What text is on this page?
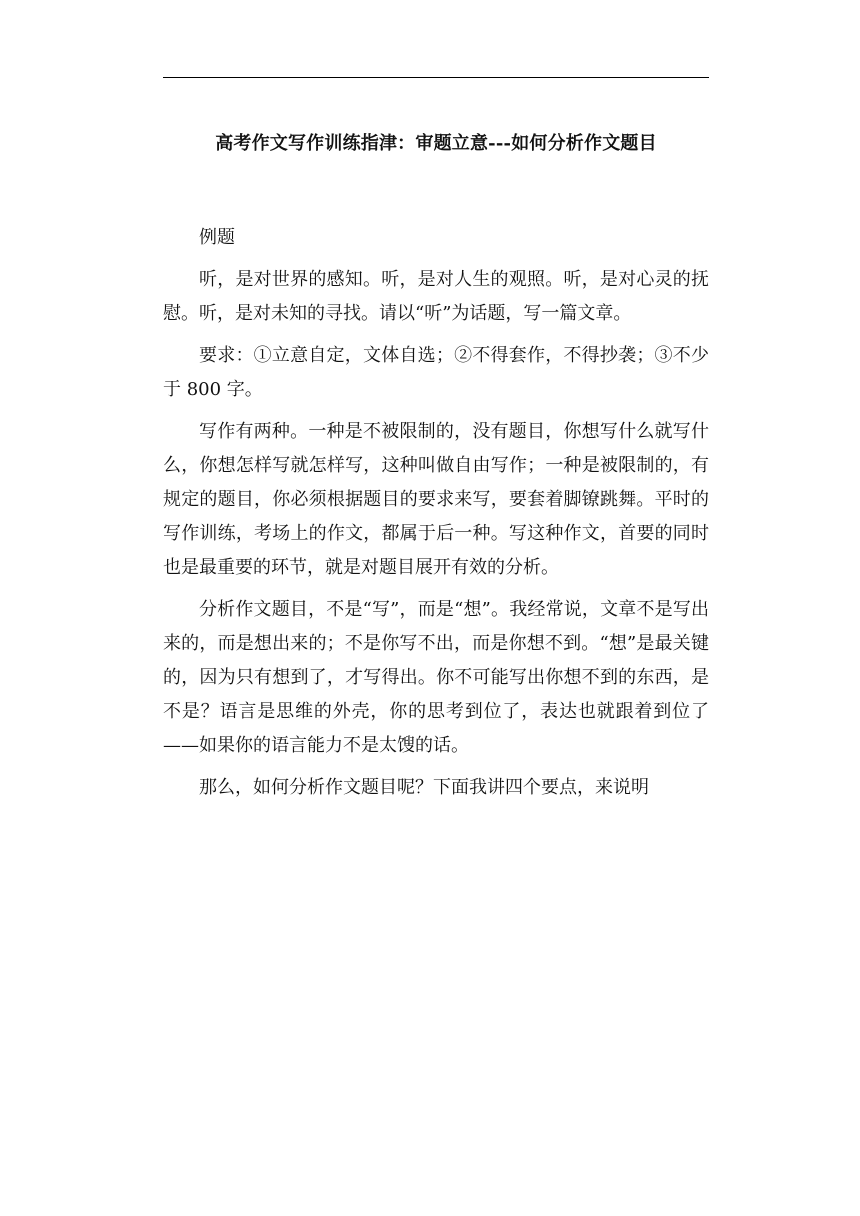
高考作文写作训练指津：审题立意---如何分析作文题目

例题

听，是对世界的感知。听，是对人生的观照。听，是对心灵的抚慰。听，是对未知的寻找。请以“听”为话题，写一篇文章。

要求：①立意自定，文体自选；②不得套作，不得抄袭；③不少于 800 字。

写作有两种。一种是不被限制的，没有题目，你想写什么就写什么，你想怎样写就怎样写，这种叫做自由写作；一种是被限制的，有规定的题目，你必须根据题目的要求来写，要套着脚镣跳舞。平时的写作训练，考场上的作文，都属于后一种。写这种作文，首要的同时也是最重要的环节，就是对题目展开有效的分析。

分析作文题目，不是“写”，而是“想”。我经常说，文章不是写出来的，而是想出来的；不是你写不出，而是你想不到。“想”是最关键的，因为只有想到了，才写得出。你不可能写出你想不到的东西，是不是？语言是思维的外壳，你的思考到位了，表达也就跟着到位了——如果你的语言能力不是太馊的话。

那么，如何分析作文题目呢？下面我讲四个要点，来说明
